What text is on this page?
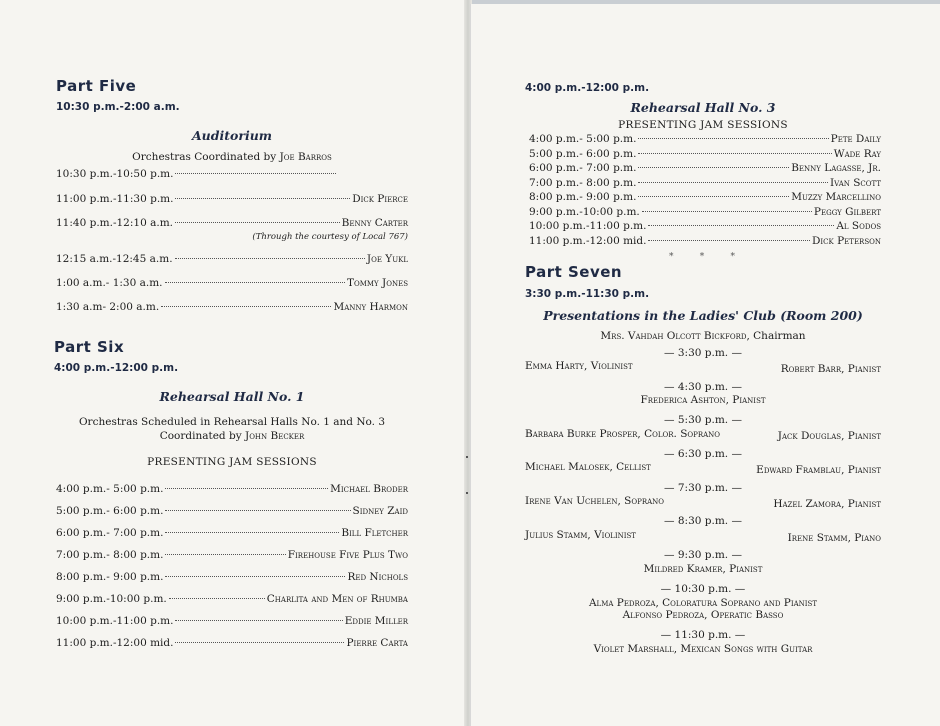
Part Five
10:30 p.m.-2:00 a.m.
Auditorium
Orchestras Coordinated by Joe Barros
10:30 p.m.-10:50 p.m.
11:00 p.m.-11:30 p.m.	Dick Pierce
11:40 p.m.-12:10 a.m.	Benny Carter
(Through the courtesy of Local 767)
12:15 a.m.-12:45 a.m.	Joe Yukl
1:00 a.m.- 1:30 a.m.	Tommy Jones
1:30 a.m- 2:00 a.m.	Manny Harmon
Part Six
4:00 p.m.-12:00 p.m.
Rehearsal Hall No. 1
Orchestras Scheduled in Rehearsal Halls No. 1 and No. 3
Coordinated by John Becker
PRESENTING JAM SESSIONS
4:00 p.m.- 5:00 p.m.	Michael Broder
5:00 p.m.- 6:00 p.m.	Sidney Zaid
6:00 p.m.- 7:00 p.m.	Bill Fletcher
7:00 p.m.- 8:00 p.m.	Firehouse Five Plus Two
8:00 p.m.- 9:00 p.m.	Red Nichols
9:00 p.m.-10:00 p.m.	Charlita and Men of Rhumba
10:00 p.m.-11:00 p.m.	Eddie Miller
11:00 p.m.-12:00 mid.	Pierre Carta
4:00 p.m.-12:00 p.m.
Rehearsal Hall No. 3
PRESENTING JAM SESSIONS
4:00 p.m.- 5:00 p.m.	Pete Daily
5:00 p.m.- 6:00 p.m.	Wade Ray
6:00 p.m.- 7:00 p.m.	Benny Lagasse, Jr.
7:00 p.m.- 8:00 p.m.	Ivan Scott
8:00 p.m.- 9:00 p.m.	Muzzy Marcellino
9:00 p.m.-10:00 p.m.	Peggy Gilbert
10:00 p.m.-11:00 p.m.	Al Sodos
11:00 p.m.-12:00 mid.	Dick Peterson
*     *     *
Part Seven
3:30 p.m.-11:30 p.m.
Presentations in the Ladies' Club (Room 200)
Mrs. Vahdah Olcott Bickford, Chairman
— 3:30 p.m. —
Emma Harty, Violinist	Robert Barr, Pianist
— 4:30 p.m. —
Frederica Ashton, Pianist
— 5:30 p.m. —
Barbara Burke Prosper, Color. Soprano	Jack Douglas, Pianist
— 6:30 p.m. —
Michael Malosek, Cellist	Edward Framblau, Pianist
— 7:30 p.m. —
Irene Van Uchelen, Soprano	Hazel Zamora, Pianist
— 8:30 p.m. —
Julius Stamm, Violinist	Irene Stamm, Piano
— 9:30 p.m. —
Mildred Kramer, Pianist
— 10:30 p.m. —
Alma Pedroza, Coloratura Soprano and Pianist
Alfonso Pedroza, Operatic Basso
— 11:30 p.m. —
Violet Marshall, Mexican Songs with Guitar
